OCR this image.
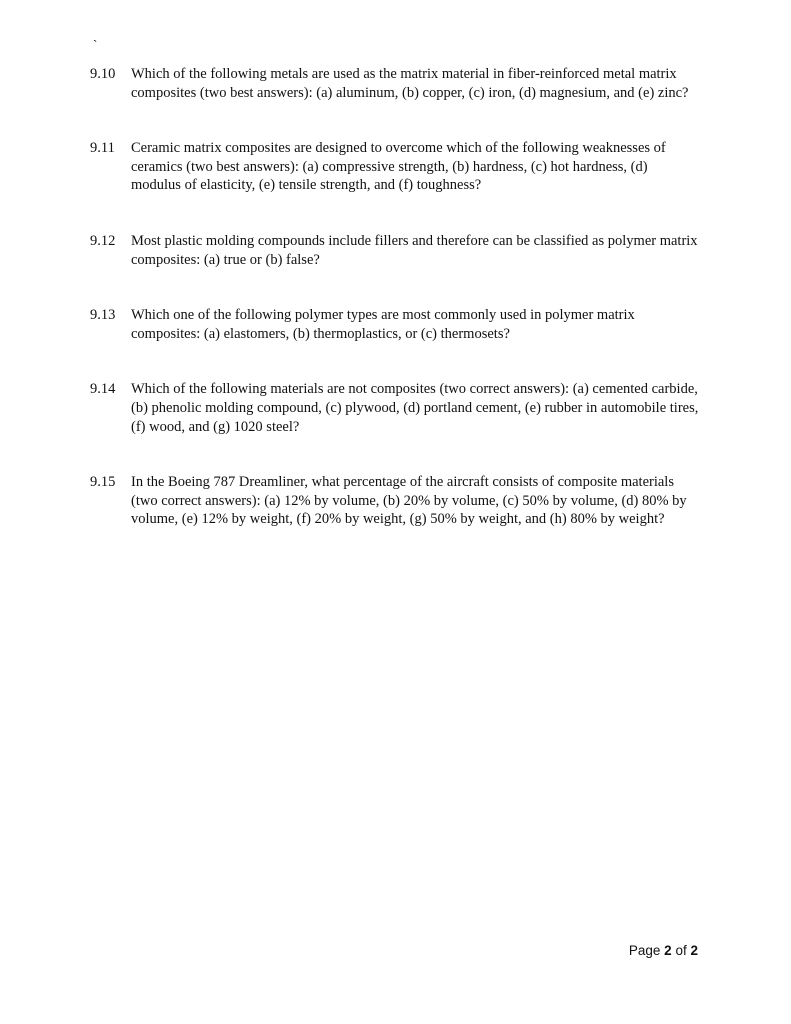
`
9.10	Which of the following metals are used as the matrix material in fiber-reinforced metal matrix composites (two best answers): (a) aluminum, (b) copper, (c) iron, (d) magnesium, and (e) zinc?
9.11	Ceramic matrix composites are designed to overcome which of the following weaknesses of ceramics (two best answers): (a) compressive strength, (b) hardness, (c) hot hardness, (d) modulus of elasticity, (e) tensile strength, and (f) toughness?
9.12	Most plastic molding compounds include fillers and therefore can be classified as polymer matrix composites: (a) true or (b) false?
9.13	Which one of the following polymer types are most commonly used in polymer matrix composites: (a) elastomers, (b) thermoplastics, or (c) thermosets?
9.14	Which of the following materials are not composites (two correct answers): (a) cemented carbide, (b) phenolic molding compound, (c) plywood, (d) portland cement, (e) rubber in automobile tires, (f) wood, and (g) 1020 steel?
9.15	In the Boeing 787 Dreamliner, what percentage of the aircraft consists of composite materials (two correct answers): (a) 12% by volume, (b) 20% by volume, (c) 50% by volume, (d) 80% by volume, (e) 12% by weight, (f) 20% by weight, (g) 50% by weight, and (h) 80% by weight?
Page 2 of 2
